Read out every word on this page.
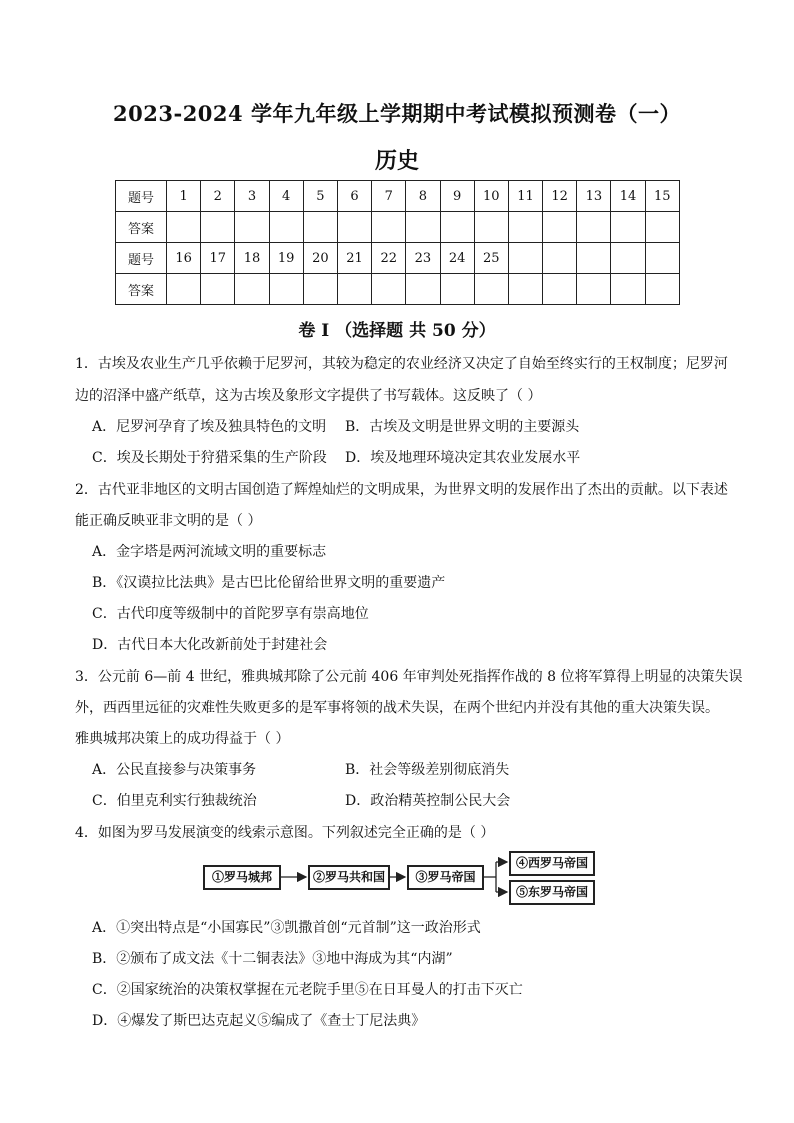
2023-2024 学年九年级上学期期中考试模拟预测卷（一）
历史
题号	1	2	3	4	5	6	7	8	9	10	11	12	13	14	15
答案															
题号	16	17	18	19	20	21	22	23	24	25					
答案															
卷 I （选择题 共 50 分）
1．古埃及农业生产几乎依赖于尼罗河，其较为稳定的农业经济又决定了自始至终实行的王权制度；尼罗河
边的沼泽中盛产纸草，这为古埃及象形文字提供了书写载体。这反映了（ ）
A．尼罗河孕育了埃及独具特色的文明 B．古埃及文明是世界文明的主要源头
C．埃及长期处于狩猎采集的生产阶段 D．埃及地理环境决定其农业发展水平
2．古代亚非地区的文明古国创造了辉煌灿烂的文明成果，为世界文明的发展作出了杰出的贡献。以下表述
能正确反映亚非文明的是（ ）
A．金字塔是两河流域文明的重要标志
B．《汉谟拉比法典》是古巴比伦留给世界文明的重要遗产
C．古代印度等级制中的首陀罗享有崇高地位
D．古代日本大化改新前处于封建社会
3．公元前 6—前 4 世纪，雅典城邦除了公元前 406 年审判处死指挥作战的 8 位将军算得上明显的决策失误
外，西西里远征的灾难性失败更多的是军事将领的战术失误，在两个世纪内并没有其他的重大决策失误。
雅典城邦决策上的成功得益于（ ）
A．公民直接参与决策事务	B．社会等级差别彻底消失
C．伯里克利实行独裁统治	D．政治精英控制公民大会
4．如图为罗马发展演变的线索示意图。下列叙述完全正确的是（ ）
①罗马城邦	②罗马共和国	③罗马帝国
④西罗马帝国
⑤东罗马帝国
A．①突出特点是“小国寡民”③凯撒首创“元首制”这一政治形式
B．②颁布了成文法《十二铜表法》③地中海成为其“内湖”
C．②国家统治的决策权掌握在元老院手里⑤在日耳曼人的打击下灭亡
D．④爆发了斯巴达克起义⑤编成了《查士丁尼法典》
